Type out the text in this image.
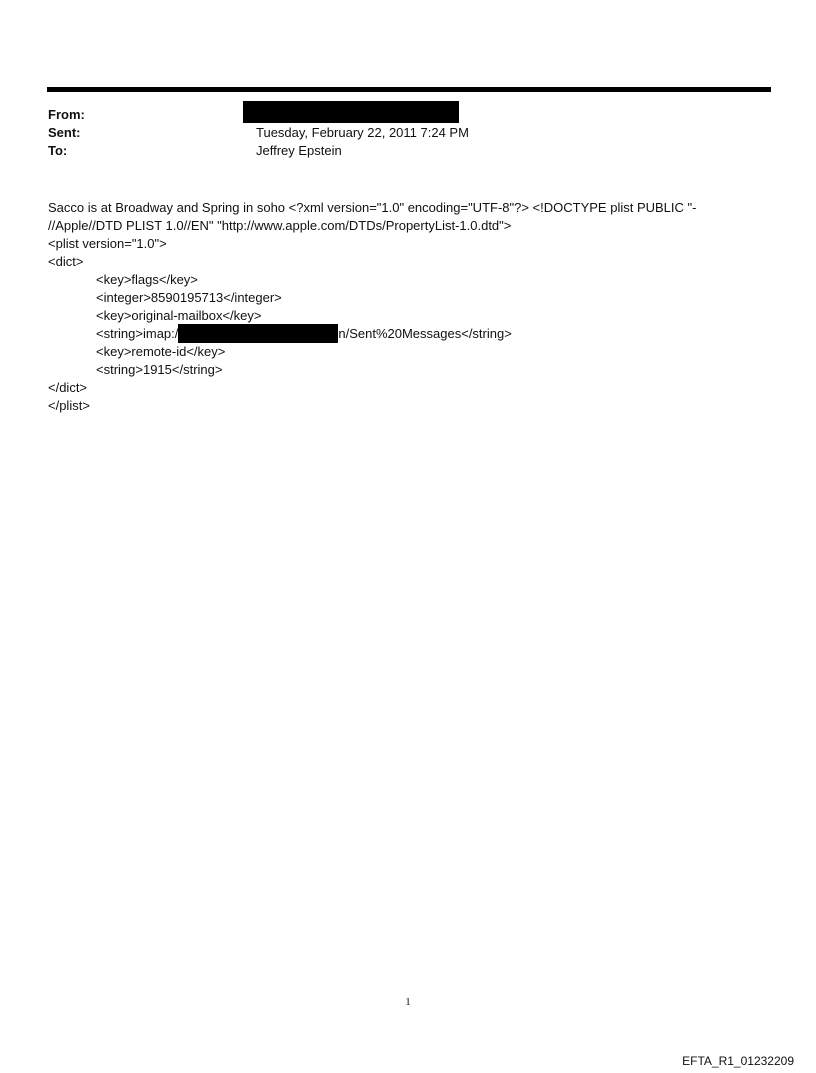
From:
Sent:	Tuesday, February 22, 2011 7:24 PM
To:	Jeffrey Epstein
Sacco is at Broadway and Spring in soho <?xml version="1.0" encoding="UTF-8"?> <!DOCTYPE plist PUBLIC "-
//Apple//DTD PLIST 1.0//EN" "http://www.apple.com/DTDs/PropertyList-1.0.dtd">
<plist version="1.0">
<dict>
<key>flags</key>
<integer>8590195713</integer>
<key>original-mailbox</key>
<string>imap:/	n/Sent%20Messages</string>
<key>remote-id</key>
<string>1915</string>
</dict>
</plist>
1
EFTA_R1_01232209
